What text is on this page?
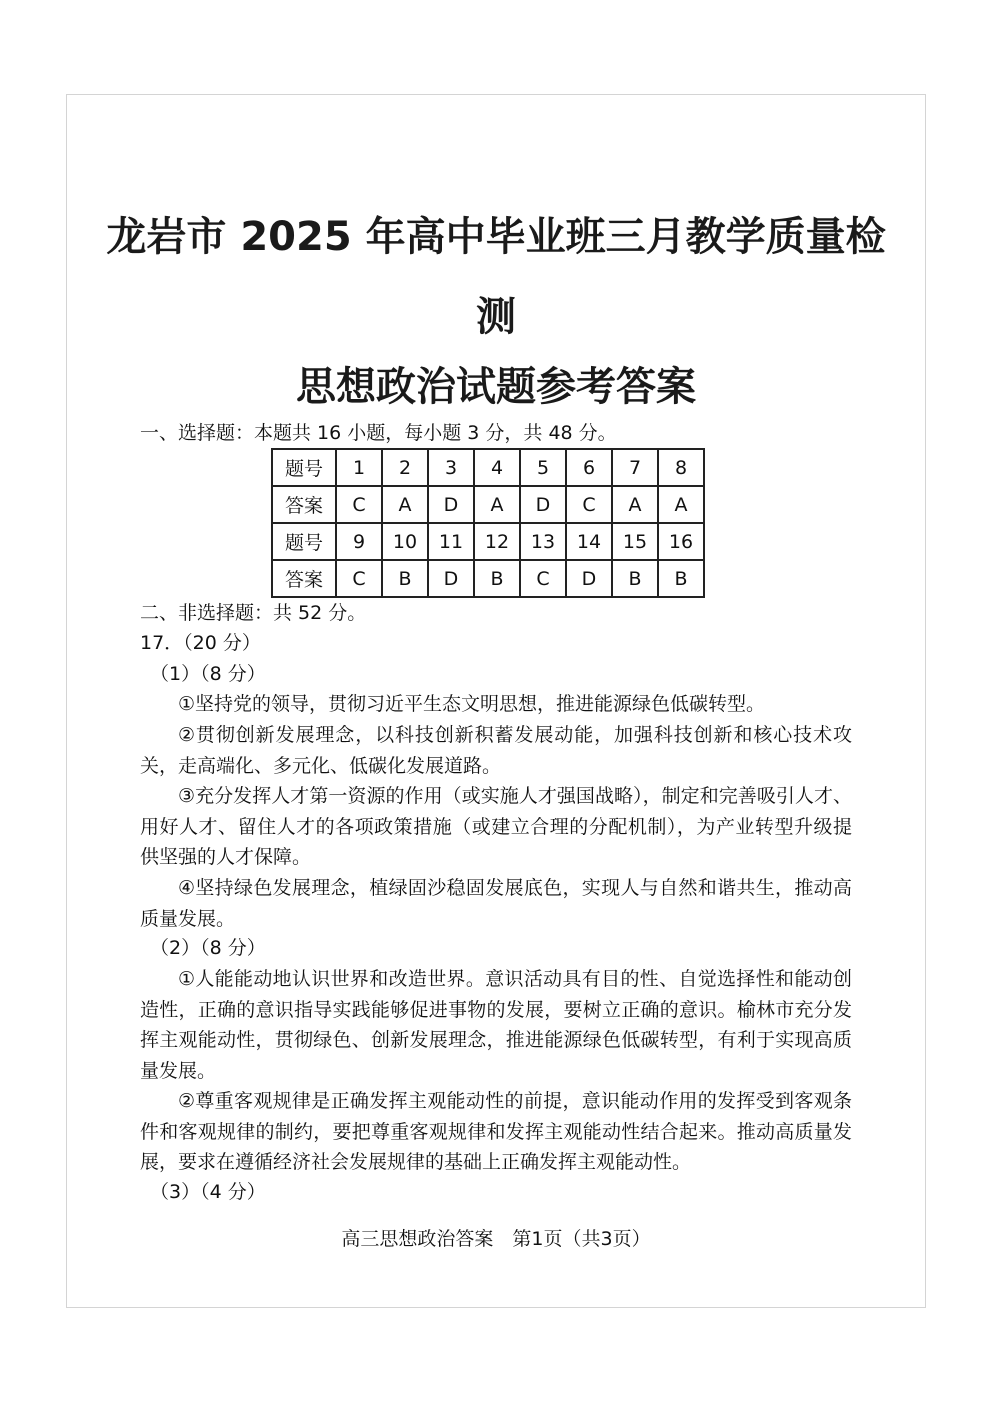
龙岩市 2025 年高中毕业班三月教学质量检
测
思想政治试题参考答案
一、选择题：本题共 16 小题，每小题 3 分，共 48 分。
题号	1	2	3	4	5	6	7	8
答案	C	A	D	A	D	C	A	A
题号	9	10	11	12	13	14	15	16
答案	C	B	D	B	C	D	B	B
二、非选择题：共 52 分。
17．（20 分）
（1）（8 分）
①坚持党的领导，贯彻习近平生态文明思想，推进能源绿色低碳转型。
②贯彻创新发展理念，以科技创新积蓄发展动能，加强科技创新和核心技术攻关，走高端化、多元化、低碳化发展道路。
③充分发挥人才第一资源的作用（或实施人才强国战略），制定和完善吸引人才、用好人才、留住人才的各项政策措施（或建立合理的分配机制），为产业转型升级提供坚强的人才保障。
④坚持绿色发展理念，植绿固沙稳固发展底色，实现人与自然和谐共生，推动高质量发展。
（2）（8 分）
①人能能动地认识世界和改造世界。意识活动具有目的性、自觉选择性和能动创造性，正确的意识指导实践能够促进事物的发展，要树立正确的意识。榆林市充分发挥主观能动性，贯彻绿色、创新发展理念，推进能源绿色低碳转型，有利于实现高质量发展。
②尊重客观规律是正确发挥主观能动性的前提，意识能动作用的发挥受到客观条件和客观规律的制约，要把尊重客观规律和发挥主观能动性结合起来。推动高质量发展，要求在遵循经济社会发展规律的基础上正确发挥主观能动性。
（3）（4 分）
高三思想政治答案　第1页（共3页）
